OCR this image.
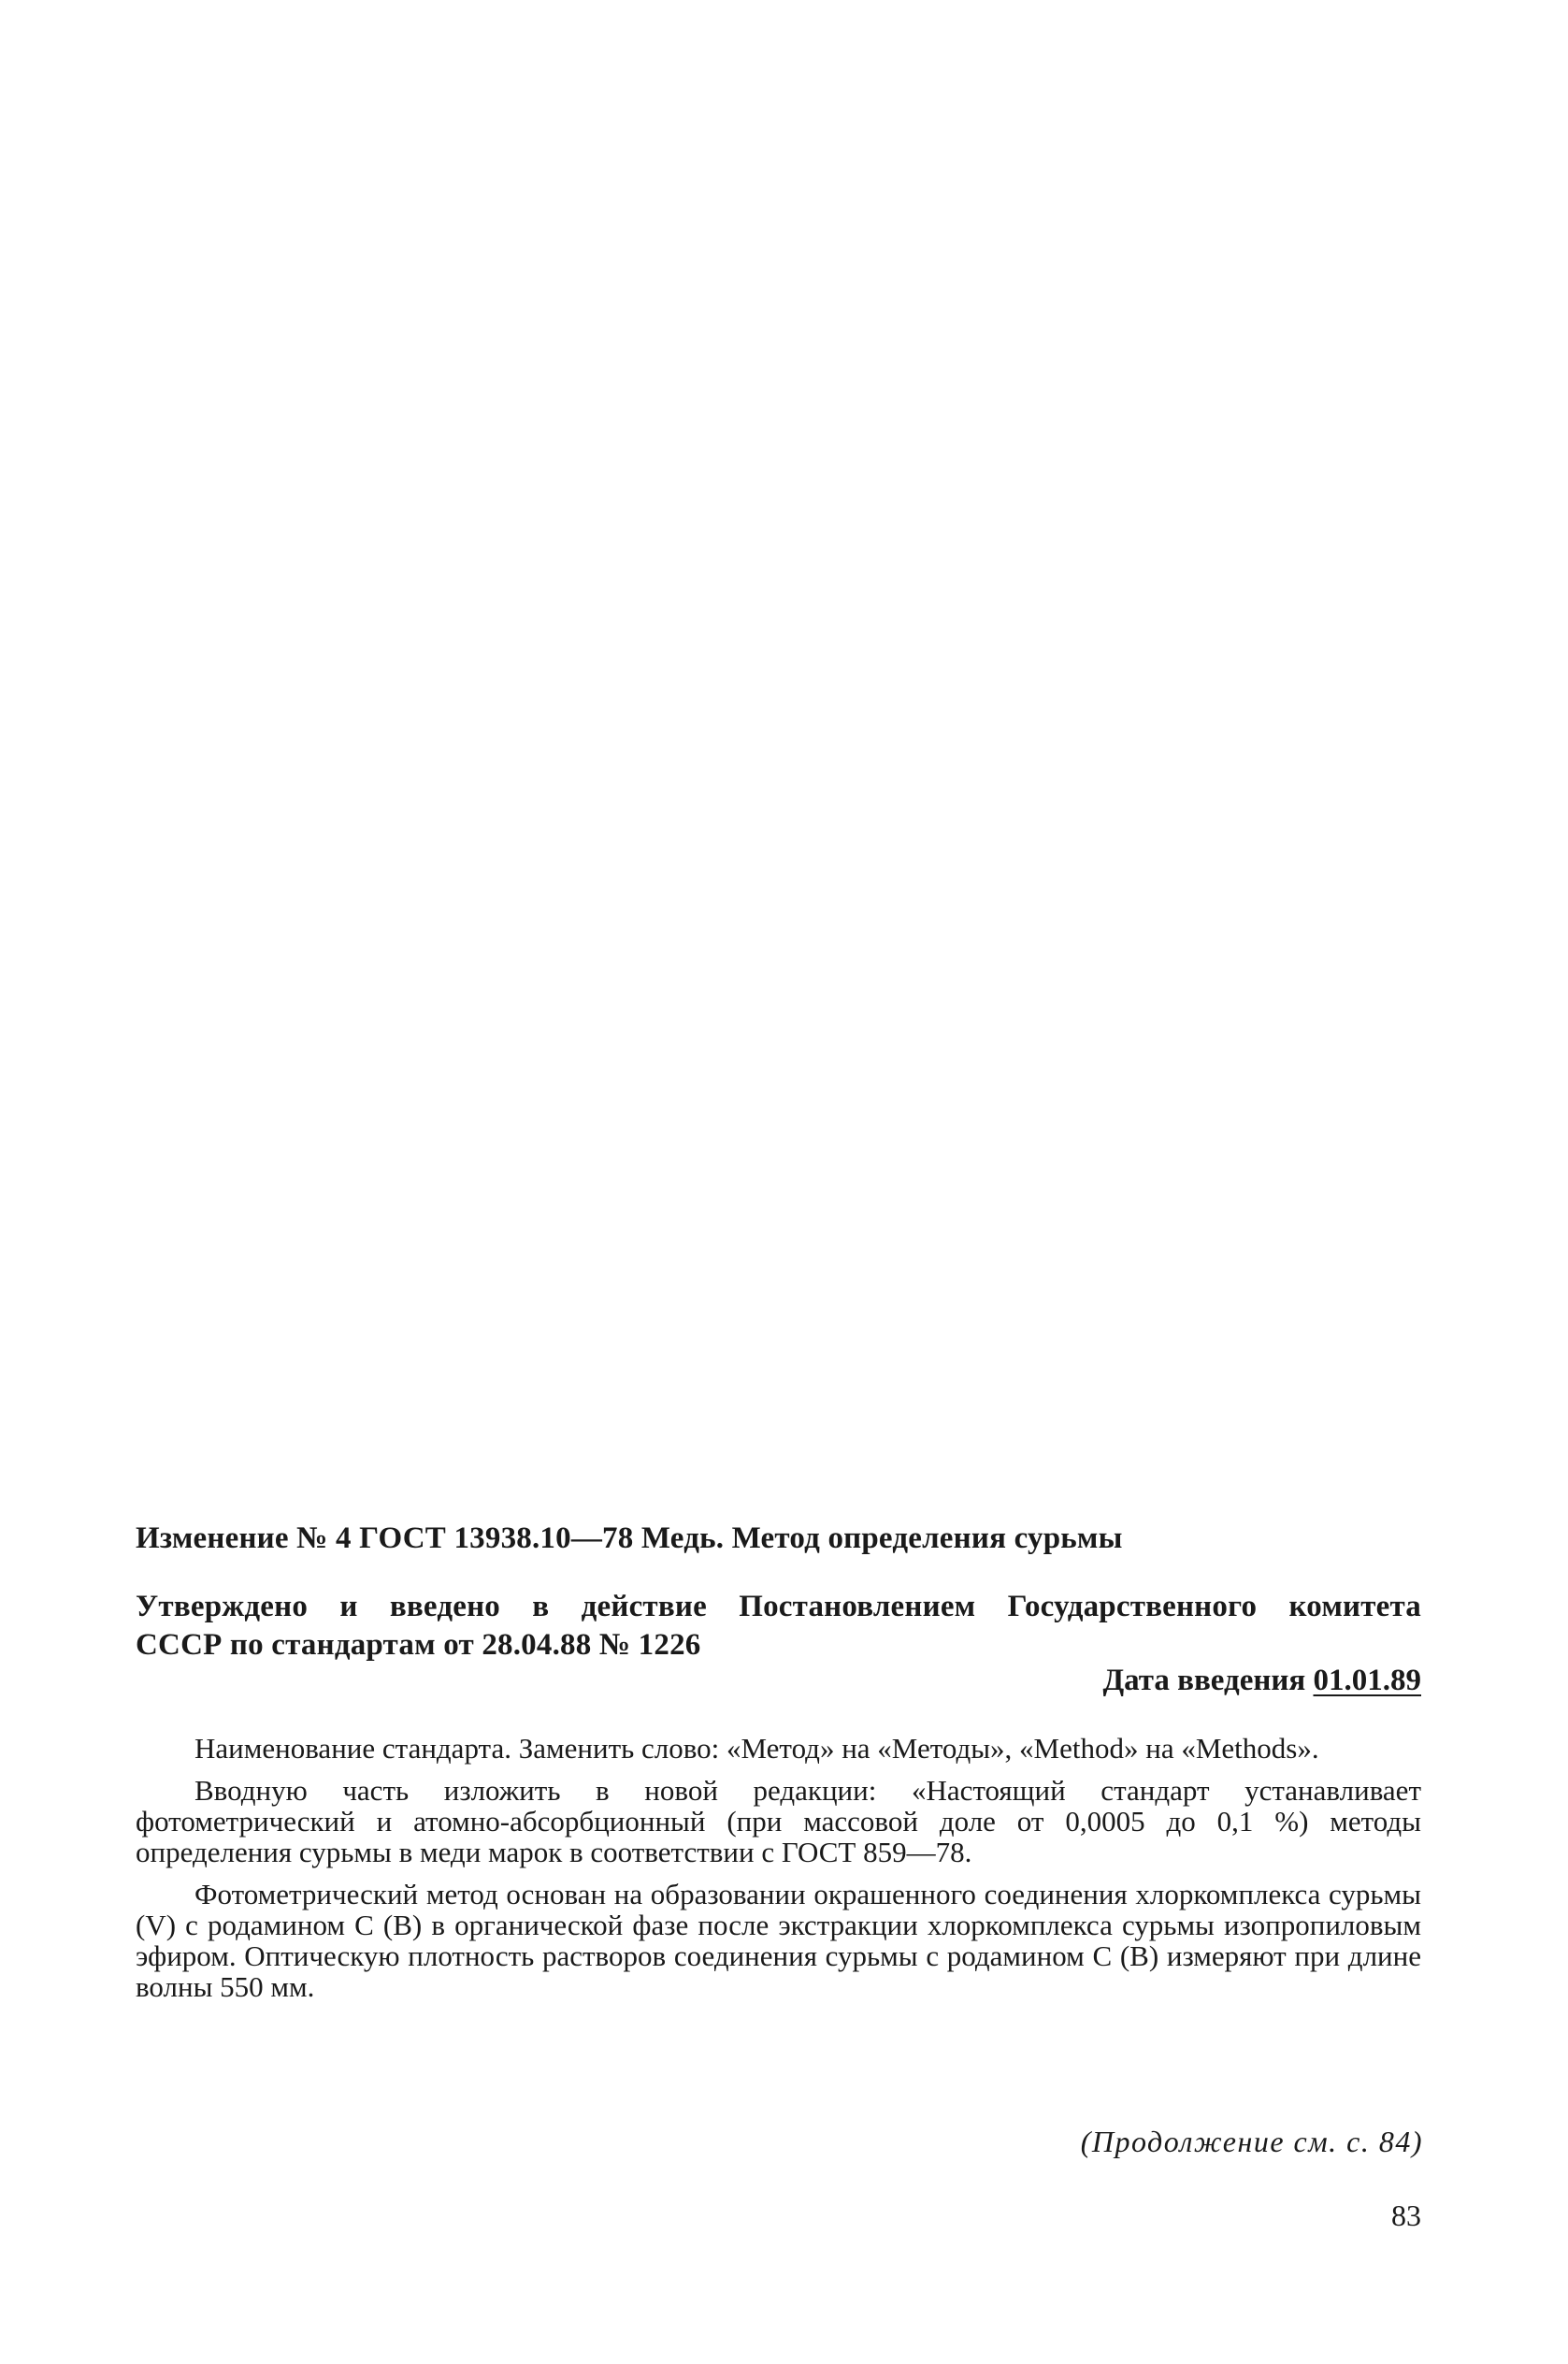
Изменение № 4 ГОСТ 13938.10—78 Медь. Метод определения сурьмы
Утверждено и введено в действие Постановлением Государственного комитета
СССР по стандартам от 28.04.88 № 1226
Дата введения 01.01.89

Наименование стандарта. Заменить слово: «Метод» на «Методы», «Method» на «Methods».

Вводную часть изложить в новой редакции: «Настоящий стандарт устанавливает фотометрический и атомно-абсорбционный (при массовой доле от 0,0005 до 0,1 %) методы определения сурьмы в меди марок в соответствии с ГОСТ 859—78.

Фотометрический метод основан на образовании окрашенного соединения хлоркомплекса сурьмы (V) с родамином С (В) в органической фазе после экстракции хлоркомплекса сурьмы изопропиловым эфиром. Оптическую плотность растворов соединения сурьмы с родамином С (В) измеряют при длине волны 550 мм.

(Продолжение см. с. 84)
83
